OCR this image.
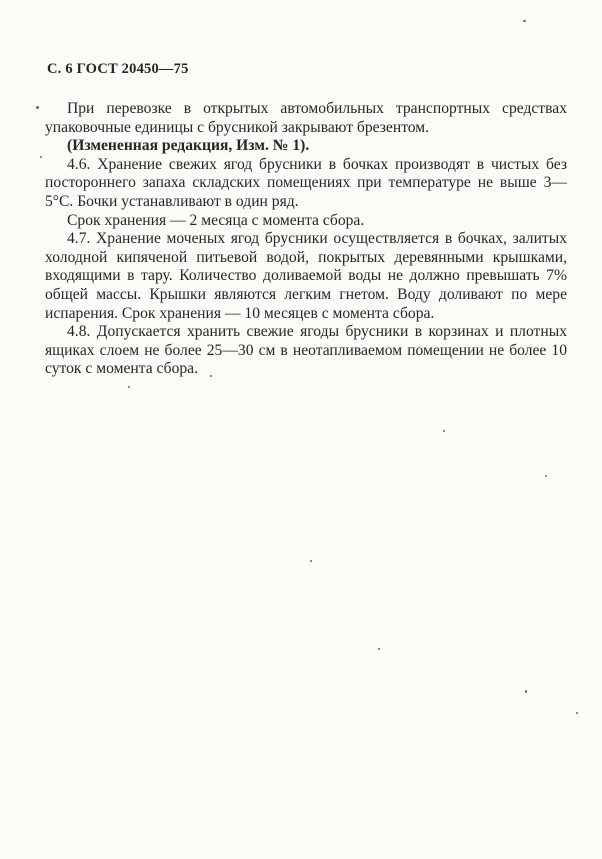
С. 6 ГОСТ 20450—75

При перевозке в открытых автомобильных транспортных средствах упаковочные единицы с брусникой закрывают брезентом.

(Измененная редакция, Изм. № 1).

4.6. Хранение свежих ягод брусники в бочках производят в чистых без постороннего запаха складских помещениях при температуре не выше 3—5°С. Бочки устанавливают в один ряд.

Срок хранения — 2 месяца с момента сбора.

4.7. Хранение моченых ягод брусники осуществляется в бочках, залитых холодной кипяченой питьевой водой, покрытых деревянными крышками, входящими в тару. Количество доливаемой воды не должно превышать 7% общей массы. Крышки являются легким гнетом. Воду доливают по мере испарения. Срок хранения — 10 месяцев с момента сбора.

4.8. Допускается хранить свежие ягоды брусники в корзинах и плотных ящиках слоем не более 25—30 см в неотапливаемом помещении не более 10 суток с момента сбора.
